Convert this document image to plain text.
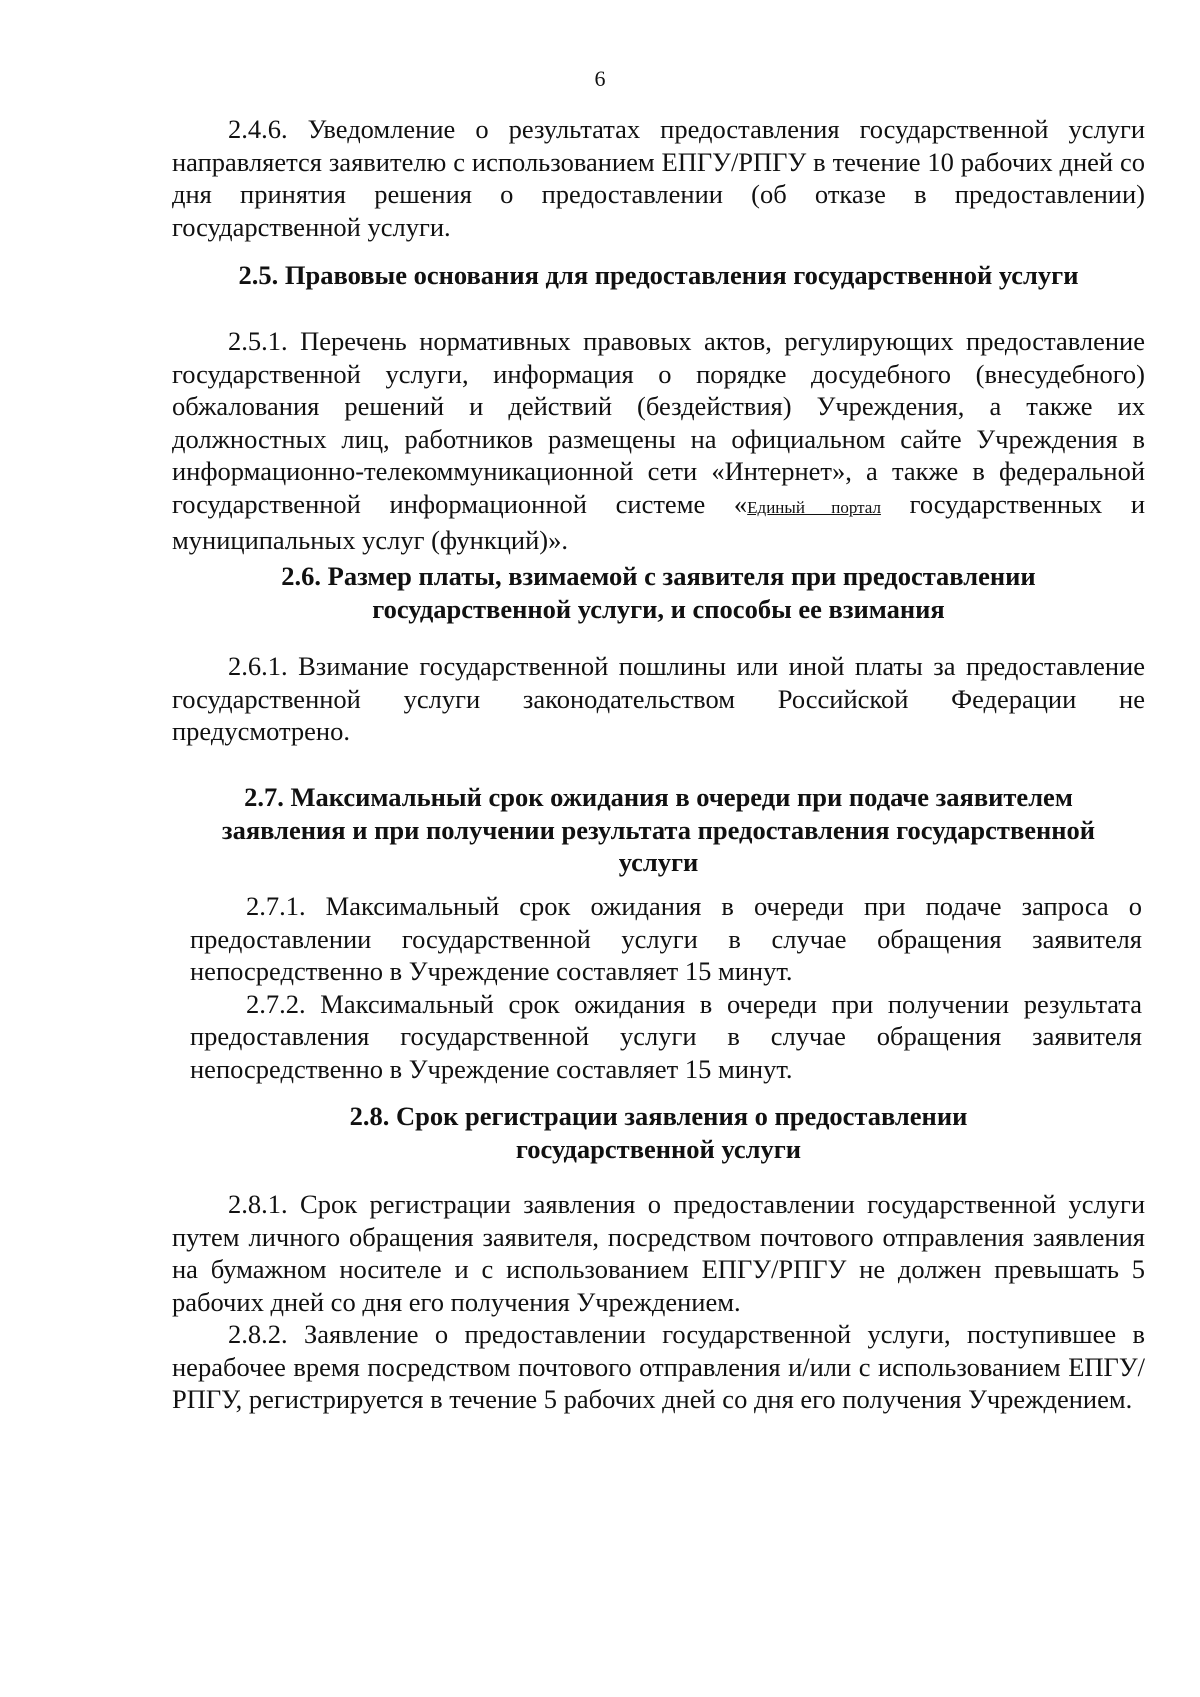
6

2.4.6. Уведомление о результатах предоставления государственной услуги направляется заявителю с использованием ЕПГУ/РПГУ в течение 10 рабочих дней со дня принятия решения о предоставлении (об отказе в предоставлении) государственной услуги.

2.5. Правовые основания для предоставления государственной услуги

2.5.1. Перечень нормативных правовых актов, регулирующих предоставление государственной услуги, информация о порядке досудебного (внесудебного) обжалования решений и действий (бездействия) Учреждения, а также их должностных лиц, работников размещены на официальном сайте Учреждения в информационно-телекоммуникационной сети «Интернет», а также в федеральной государственной информационной системе «Единый портал государственных и муниципальных услуг (функций)».

2.6. Размер платы, взимаемой с заявителя при предоставлении
государственной услуги, и способы ее взимания

2.6.1. Взимание государственной пошлины или иной платы за предоставление государственной услуги законодательством Российской Федерации не предусмотрено.

2.7. Максимальный срок ожидания в очереди при подаче заявителем
заявления и при получении результата предоставления государственной
услуги

2.7.1. Максимальный срок ожидания в очереди при подаче запроса о предоставлении государственной услуги в случае обращения заявителя непосредственно в Учреждение составляет 15 минут.

2.7.2. Максимальный срок ожидания в очереди при получении результата предоставления государственной услуги в случае обращения заявителя непосредственно в Учреждение составляет 15 минут.

2.8. Срок регистрации заявления о предоставлении
государственной услуги

2.8.1. Срок регистрации заявления о предоставлении государственной услуги путем личного обращения заявителя, посредством почтового отправления заявления на бумажном носителе и с использованием ЕПГУ/РПГУ не должен превышать 5 рабочих дней со дня его получения Учреждением.

2.8.2. Заявление о предоставлении государственной услуги, поступившее в нерабочее время посредством почтового отправления и/или с использованием ЕПГУ/РПГУ, регистрируется в течение 5 рабочих дней со дня его получения Учреждением.
